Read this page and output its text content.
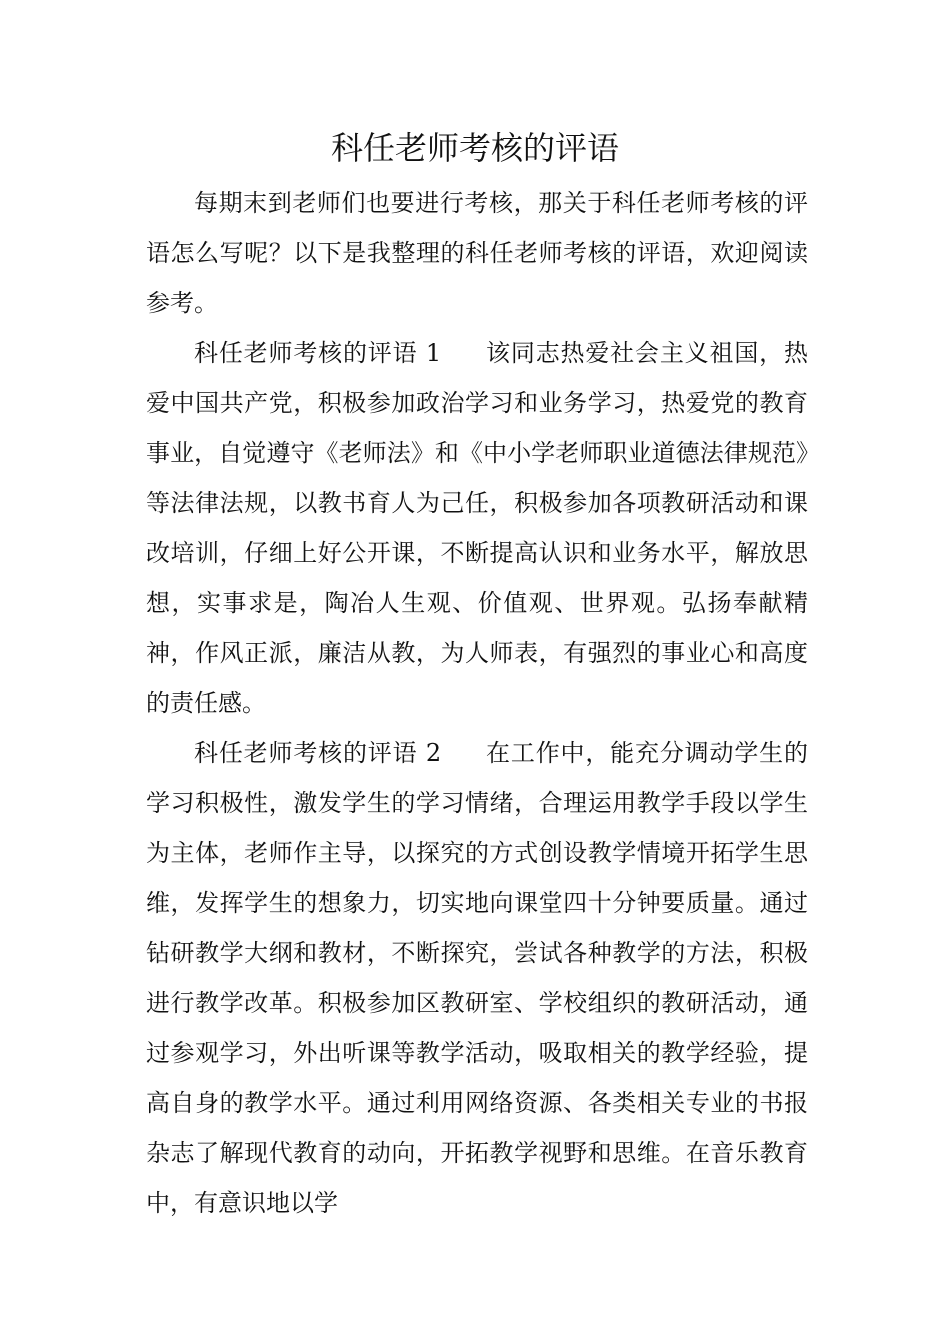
科任老师考核的评语

每期末到老师们也要进行考核，那关于科任老师考核的评语怎么写呢？以下是我整理的科任老师考核的评语，欢迎阅读参考。

科任老师考核的评语 1 该同志热爱社会主义祖国，热爱中国共产党，积极参加政治学习和业务学习，热爱党的教育事业，自觉遵守《老师法》和《中小学老师职业道德法律规范》等法律法规，以教书育人为己任，积极参加各项教研活动和课改培训，仔细上好公开课，不断提高认识和业务水平，解放思想，实事求是，陶冶人生观、价值观、世界观。弘扬奉献精神，作风正派，廉洁从教，为人师表，有强烈的事业心和高度的责任感。

科任老师考核的评语 2 在工作中，能充分调动学生的学习积极性，激发学生的学习情绪，合理运用教学手段以学生为主体，老师作主导，以探究的方式创设教学情境开拓学生思维，发挥学生的想象力，切实地向课堂四十分钟要质量。通过钻研教学大纲和教材，不断探究，尝试各种教学的方法，积极进行教学改革。积极参加区教研室、学校组织的教研活动，通过参观学习，外出听课等教学活动，吸取相关的教学经验，提高自身的教学水平。通过利用网络资源、各类相关专业的书报杂志了解现代教育的动向，开拓教学视野和思维。在音乐教育中，有意识地以学
